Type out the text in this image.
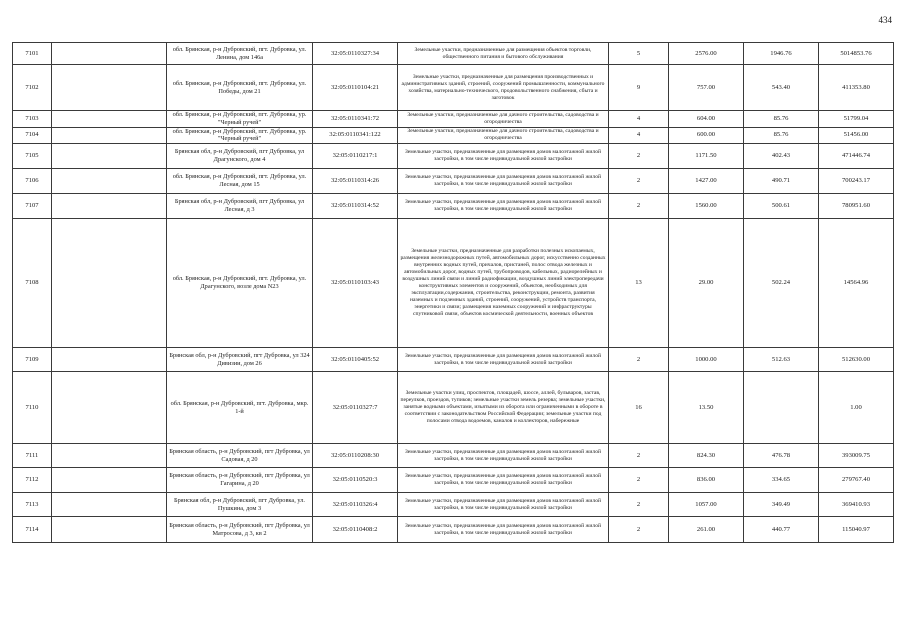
434
7101		обл. Брянская, р-н Дубровский, пгт. Дубровка, ул. Ленина, дом 146а	32:05:0110327:34	Земельные участки, предназначенные для размещения объектов торговли, общественного питания и бытового обслуживания	5	2576.00	1946.76	5014853.76
7102		обл. Брянская, р-н Дубровский, пгт. Дубровка, ул. Победы, дом 21	32:05:0110104:21	Земельные участки, предназначенные для размещения производственных и административных зданий, строений, сооружений промышленности, коммунального хозяйства, материально-технического, продовольственного снабжения, сбыта и заготовок	9	757.00	543.40	411353.80
7103		обл. Брянская, р-н Дубровский, пгт. Дубровка, ур. "Черный ручей"	32:05:0110341:72	Земельные участки, предназначенные для дачного строительства, садоводства и огородничества	4	604.00	85.76	51799.04
7104		обл. Брянская, р-н Дубровский, пгт. Дубровка, ур. "Черный ручей"	32:05:0110341:122	Земельные участки, предназначенные для дачного строительства, садоводства и огородничества	4	600.00	85.76	51456.00
7105		Брянская обл, р-н Дубровский, пгт Дубровка, ул Драгунского, дом 4	32:05:0110217:1	Земельные участки, предназначенные для размещения домов малоэтажной жилой застройки, в том числе индивидуальной жилой застройки	2	1171.50	402.43	471446.74
7106		обл. Брянская, р-н Дубровский, пгт. Дубровка, ул. Лесная, дом 15	32:05:0110314:26	Земельные участки, предназначенные для размещения домов малоэтажной жилой застройки, в том числе индивидуальной жилой застройки	2	1427.00	490.71	700243.17
7107		Брянская обл, р-н Дубровский, пгт Дубровка, ул Лесная, д 3	32:05:0110314:52	Земельные участки, предназначенные для размещения домов малоэтажной жилой застройки, в том числе индивидуальной жилой застройки	2	1560.00	500.61	780951.60
7108		обл. Брянская, р-н Дубровский, пгт. Дубровка, ул. Драгунского, возле дома N23	32:05:0110103:43	Земельные участки, предназначенные для разработки полезных ископаемых, размещения железнодорожных путей, автомобильных дорог, искусственно созданных внутренних водных путей, причалов, пристаней, полос отвода железных и автомобильных дорог, водных путей, трубопроводов, кабельных, радиорелейных и воздушных линий связи и линий радиофикации, воздушных линий электропередачи конструктивных элементов и сооружений, объектов, необходимых для эксплуатации,содержания, строительства, реконструкции, ремонта, развития наземных и подземных зданий, строений, сооружений, устройств транспорта, энергетики и связи; размещения наземных сооружений и инфраструктуры спутниковой связи, объектов космической деятельности, военных объектов	13	29.00	502.24	14564.96
7109		Брянская обл, р-н Дубровский, пгт Дубровка, ул 324 Дивизии, дом 26	32:05:0110405:52	Земельные участки, предназначенные для размещения домов малоэтажной жилой застройки, в том числе индивидуальной жилой застройки	2	1000.00	512.63	512630.00
7110		обл. Брянская, р-н Дубровский, пгт. Дубровка, мкр. 1-й	32:05:0110327:7	Земельные участки улиц, проспектов, площадей, шоссе, аллей, бульваров, застав, переулков, проездов, тупиков; земельные участки земель резерва; земельные участки, занятые водными объектами, изъятыми из оборота или ограниченными в обороте в соответствии с законодательством Российской Федерации; земельные участки под полосами отвода водоемов, каналов и коллекторов, набережные	16	13.50		1.00
7111		Брянская область, р-н Дубровский, пгт Дубровка, ул Садовая, д 20	32:05:0110208:30	Земельные участки, предназначенные для размещения домов малоэтажной жилой застройки, в том числе индивидуальной жилой застройки	2	824.30	476.78	393009.75
7112		Брянская область, р-н Дубровский, пгт Дубровка, ул Гагарина, д 20	32:05:0110520:3	Земельные участки, предназначенные для размещения домов малоэтажной жилой застройки, в том числе индивидуальной жилой застройки	2	836.00	334.65	279767.40
7113		Брянская обл, р-н Дубровский, пгт Дубровка, ул. Пушкина, дом 3	32:05:0110326:4	Земельные участки, предназначенные для размещения домов малоэтажной жилой застройки, в том числе индивидуальной жилой застройки	2	1057.00	349.49	369410.93
7114		Брянская область, р-н Дубровский, пгт Дубровка, ул Матросова, д 3, кв 2	32:05:0110408:2	Земельные участки, предназначенные для размещения домов малоэтажной жилой застройки, в том числе индивидуальной жилой застройки	2	261.00	440.77	115040.97
